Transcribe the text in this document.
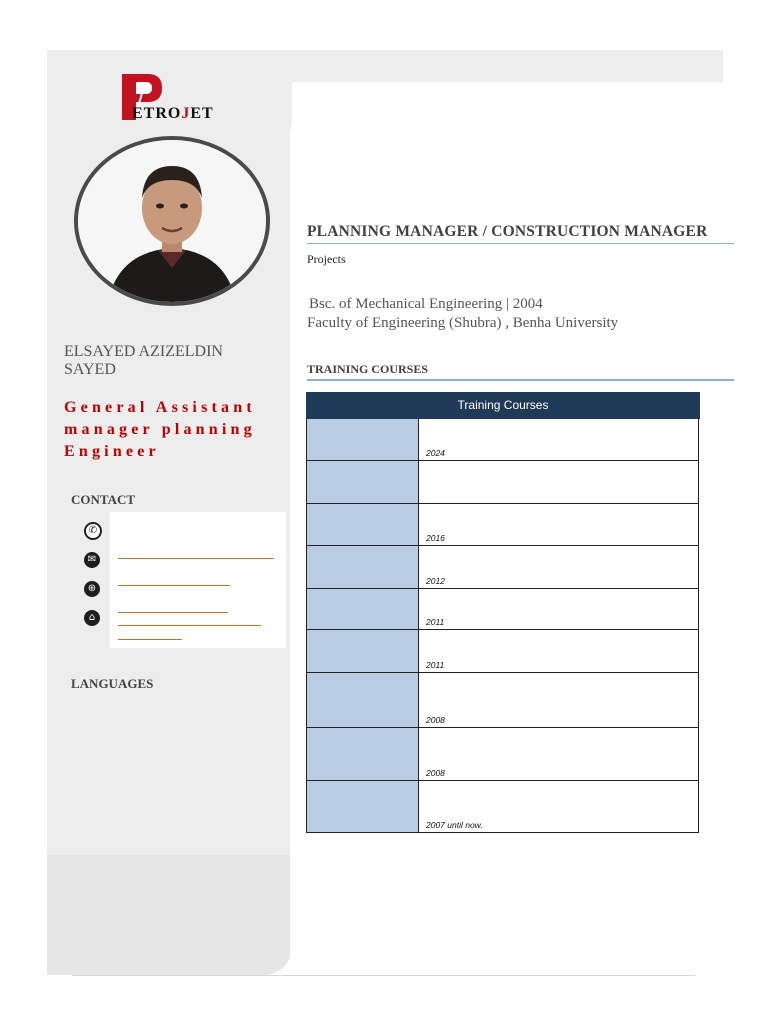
ETROJET
ELSAYED AZIZELDIN SAYED
General Assistant manager planning Engineer
CONTACT
✆
✉
⊕
⌂
LANGUAGES
PLANNING MANAGER / CONSTRUCTION MANAGER
Projects
Bsc. of Mechanical Engineering | 2004
Faculty of Engineering (Shubra) , Benha University
TRAINING COURSES
Training Courses
2024
2016
2012
2011
2011
2008
2008
2007 until now.
